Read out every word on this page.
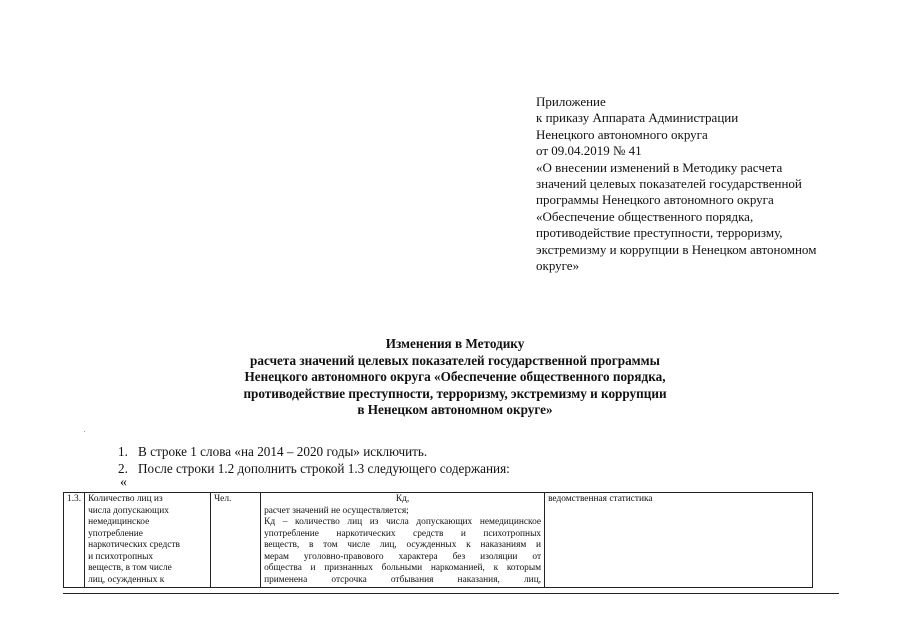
Приложение
к приказу Аппарата Администрации
Ненецкого автономного округа
от 09.04.2019 № 41
«О внесении изменений в Методику расчета
значений целевых показателей государственной
программы Ненецкого автономного округа
«Обеспечение общественного порядка,
противодействие преступности, терроризму,
экстремизму и коррупции в Ненецком автономном
округе»
Изменения в Методику
расчета значений целевых показателей государственной программы
Ненецкого автономного округа «Обеспечение общественного порядка,
противодействие преступности, терроризму, экстремизму и коррупции
в Ненецком автономном округе»
1. В строке 1 слова «на 2014 – 2020 годы» исключить.
2. После строки 1.2 дополнить строкой 1.3 следующего содержания:
«
1.3.	Количество лиц из
числа допускающих
немедицинское
употребление
наркотических средств
и психотропных
веществ, в том числе
лиц, осужденных к
	Чел.	Кд,
расчет значений не осуществляется;
Кд – количество лиц из числа допускающих немедицинское
употребление наркотических средств и психотропных
веществ, в том числе лиц, осужденных к наказаниям и
мерам уголовно-правового характера без изоляции от
общества и признанных больными наркоманией, к которым
применена отсрочка отбывания наказания, лиц,
	ведомственная статистика
